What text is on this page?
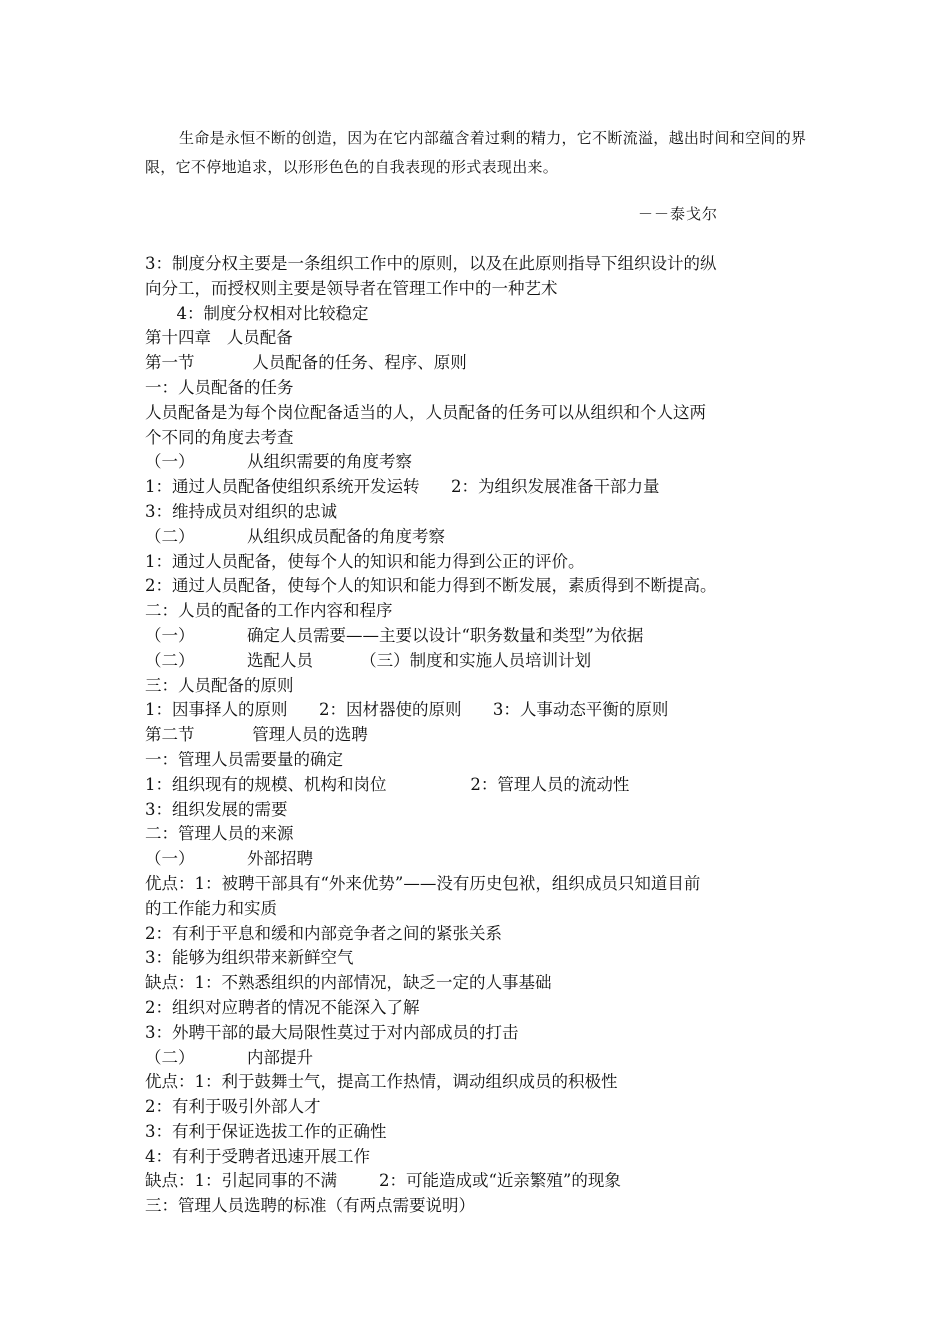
生命是永恒不断的创造，因为在它内部蕴含着过剩的精力，它不断流溢，越出时间和空间的界限，它不停地追求，以形形色色的自我表现的形式表现出来。
－－泰戈尔
3：制度分权主要是一条组织工作中的原则，以及在此原则指导下组织设计的纵
向分工，而授权则主要是领导者在管理工作中的一种艺术
4：制度分权相对比较稳定
第十四章   人员配备
第一节           人员配备的任务、程序、原则
一：人员配备的任务
人员配备是为每个岗位配备适当的人，人员配备的任务可以从组织和个人这两
个不同的角度去考查
（一）          从组织需要的角度考察
1：通过人员配备使组织系统开发运转      2：为组织发展准备干部力量
3：维持成员对组织的忠诚
（二）          从组织成员配备的角度考察
1：通过人员配备，使每个人的知识和能力得到公正的评价。
2：通过人员配备，使每个人的知识和能力得到不断发展，素质得到不断提高。
二：人员的配备的工作内容和程序
（一）          确定人员需要——主要以设计“职务数量和类型”为依据
（二）          选配人员         （三）制度和实施人员培训计划
三：人员配备的原则
1：因事择人的原则      2：因材器使的原则      3：人事动态平衡的原则
第二节           管理人员的选聘
一：管理人员需要量的确定
1：组织现有的规模、机构和岗位                2：管理人员的流动性
3：组织发展的需要
二：管理人员的来源
（一）          外部招聘
优点：1：被聘干部具有“外来优势”——没有历史包袱，组织成员只知道目前
的工作能力和实质
2：有利于平息和缓和内部竞争者之间的紧张关系
3：能够为组织带来新鲜空气
缺点：1：不熟悉组织的内部情况，缺乏一定的人事基础
2：组织对应聘者的情况不能深入了解
3：外聘干部的最大局限性莫过于对内部成员的打击
（二）          内部提升
优点：1：利于鼓舞士气，提高工作热情，调动组织成员的积极性
2：有利于吸引外部人才
3：有利于保证选拔工作的正确性
4：有利于受聘者迅速开展工作
缺点：1：引起同事的不满        2：可能造成或“近亲繁殖”的现象
三：管理人员选聘的标准（有两点需要说明）
